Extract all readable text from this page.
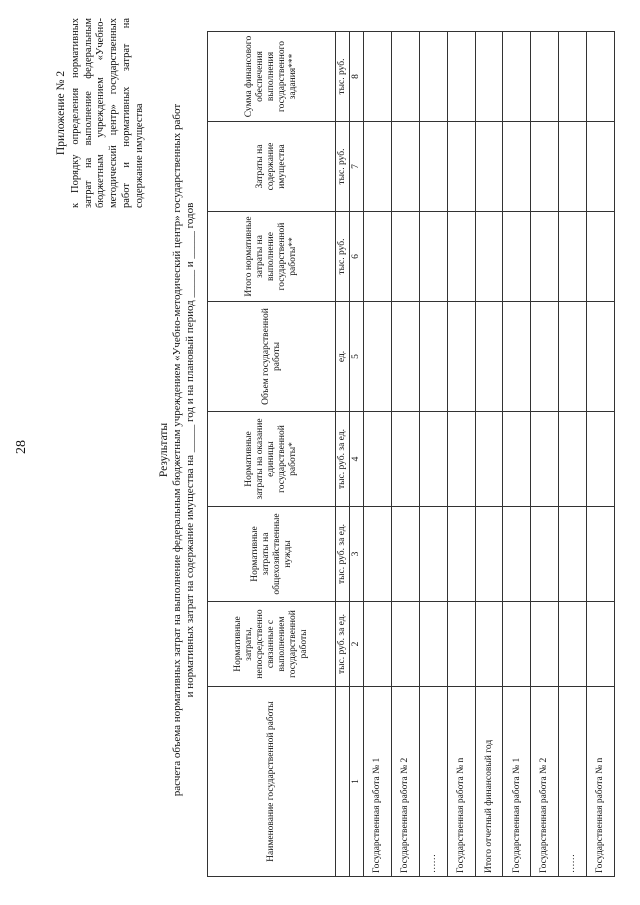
28
Приложение № 2 к Порядку определения нормативных затрат на выполнение федеральным бюджетным учреждением «Учебно-методический центр» государственных работ и нормативных затрат на содержание имущества
Результаты расчета объема нормативных затрат на выполнение федеральным бюджетным учреждением «Учебно-методический центр» государственных работ и нормативных затрат на содержание имущества на _____ год и на плановый период _____ и _____ годов
Наименование государственной работы	Нормативные затраты, непосредственно связанные с выполнением государственной работы	Нормативные затраты на общехозяйственные нужды	Нормативные затраты на оказание единицы государственной работы*	Объем государственной работы	Итого нормативные затраты на выполнение государственной работы**	Затраты на содержание имущества	Сумма финансового обеспечения выполнения государственного задания***
	тыс. руб. за ед.	тыс. руб. за ед.	тыс. руб. за ед.	ед.	тыс. руб.	тыс. руб.	тыс. руб.
1	2	3	4	5	6	7	8
Государственная работа № 1							
Государственная работа № 2							
……							
Государственная работа № n							
Итого отчетный финансовый год							
Государственная работа № 1							
Государственная работа № 2							
……							
Государственная работа № n							
